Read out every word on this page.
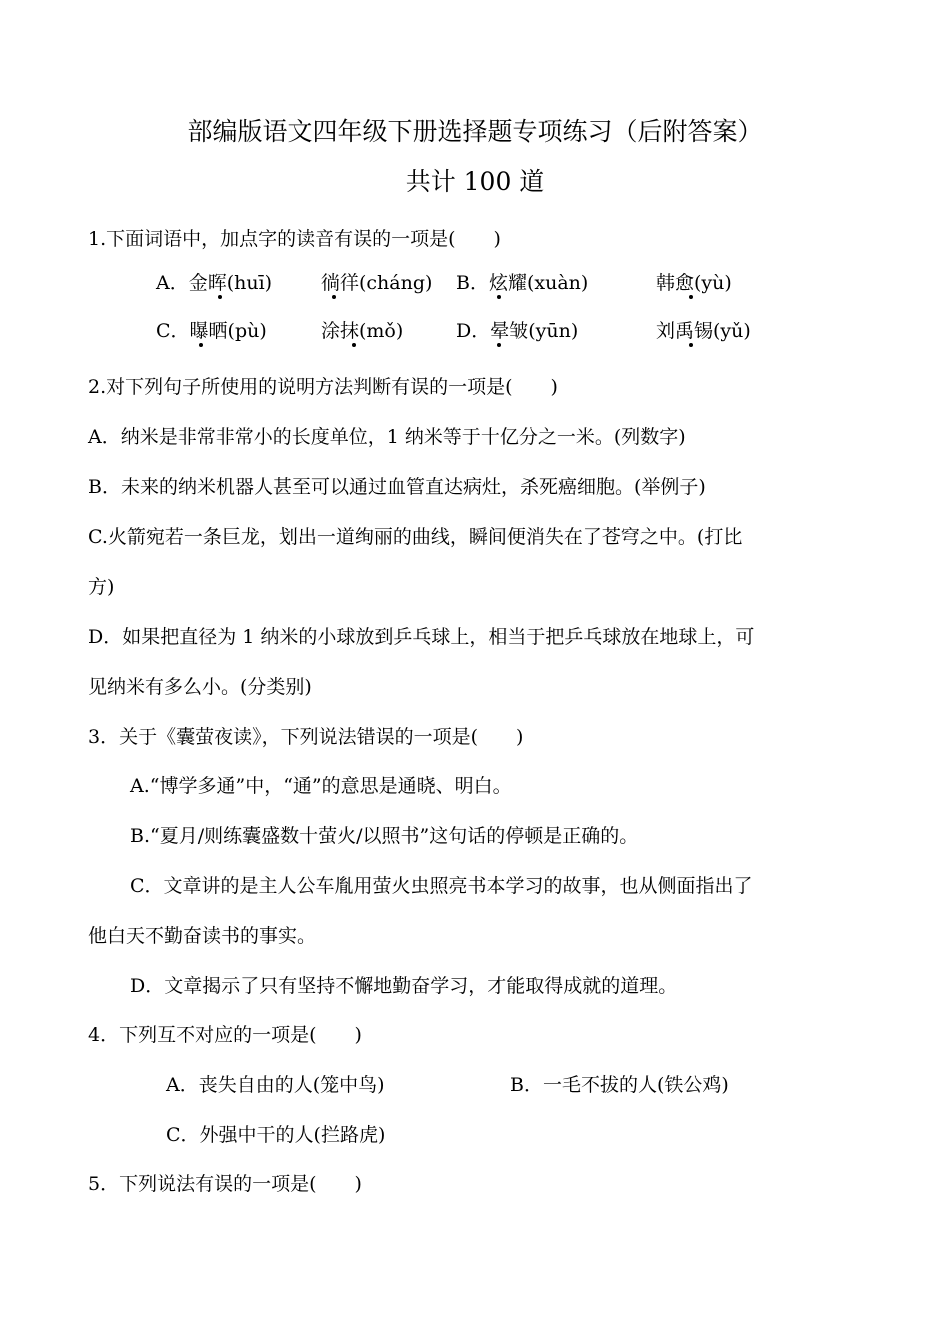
部编版语文四年级下册选择题专项练习（后附答案）
共计 100 道
1.下面词语中，加点字的读音有误的一项是(　　)
A．金晖(huī)	徜徉(cháng) B．炫耀(xuàn)	韩愈(yù)
C．曝晒(pù)	涂抹(mǒ)	D．晕皱(yūn)	刘禹锡(yǔ)
2.对下列句子所使用的说明方法判断有误的一项是(　　)
A．纳米是非常非常小的长度单位，1 纳米等于十亿分之一米。(列数字)
B．未来的纳米机器人甚至可以通过血管直达病灶，杀死癌细胞。(举例子)
C.火箭宛若一条巨龙，划出一道绚丽的曲线，瞬间便消失在了苍穹之中。(打比
方)
D．如果把直径为 1 纳米的小球放到乒乓球上，相当于把乒乓球放在地球上，可
见纳米有多么小。(分类别)
3．关于《囊萤夜读》，下列说法错误的一项是(　　)
A.“博学多通”中，“通”的意思是通晓、明白。
B.“夏月/则练囊盛数十萤火/以照书”这句话的停顿是正确的。
C．文章讲的是主人公车胤用萤火虫照亮书本学习的故事，也从侧面指出了
他白天不勤奋读书的事实。
D．文章揭示了只有坚持不懈地勤奋学习，才能取得成就的道理。
4．下列互不对应的一项是(　　)
A．丧失自由的人(笼中鸟)	B．一毛不拔的人(铁公鸡)
C．外强中干的人(拦路虎)
5．下列说法有误的一项是(　　)
